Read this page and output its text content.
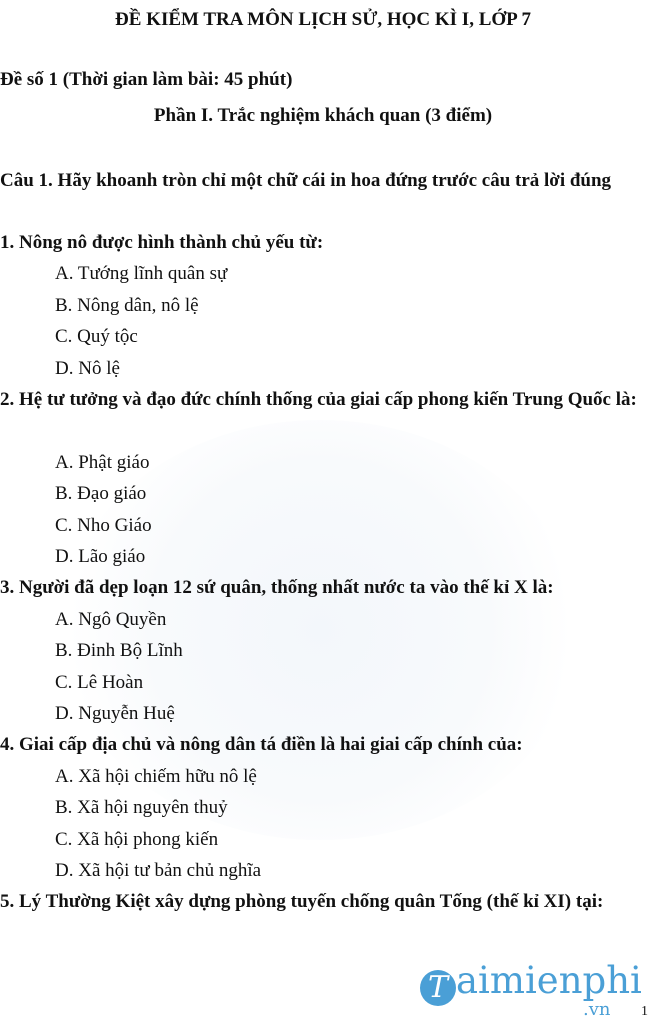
ĐỀ KIỂM TRA MÔN LỊCH SỬ, HỌC KÌ I, LỚP 7
Đề số 1 (Thời gian làm bài: 45 phút)
Phần I. Trắc nghiệm khách quan (3 điểm)
Câu 1. Hãy khoanh tròn chỉ một chữ cái in hoa đứng trước câu trả lời đúng
1. Nông nô được hình thành chủ yếu từ:
A. Tướng lĩnh quân sự
B. Nông dân, nô lệ
C. Quý tộc
D. Nô lệ
2. Hệ tư tưởng và đạo đức chính thống của giai cấp phong kiến Trung Quốc là:
A. Phật giáo
B. Đạo giáo
C. Nho Giáo
D. Lão giáo
3. Người đã dẹp loạn 12 sứ quân, thống nhất nước ta vào thế kỉ X là:
A. Ngô Quyền
B. Đinh Bộ Lĩnh
C. Lê Hoàn
D. Nguyễn Huệ
4. Giai cấp địa chủ và nông dân tá điền là hai giai cấp chính của:
A. Xã hội chiếm hữu nô lệ
B. Xã hội nguyên thuỷ
C. Xã hội phong kiến
D. Xã hội tư bản chủ nghĩa
5. Lý Thường Kiệt xây dựng phòng tuyến chống quân Tống (thế kỉ XI) tại:
T aimienphi
.vn 1
